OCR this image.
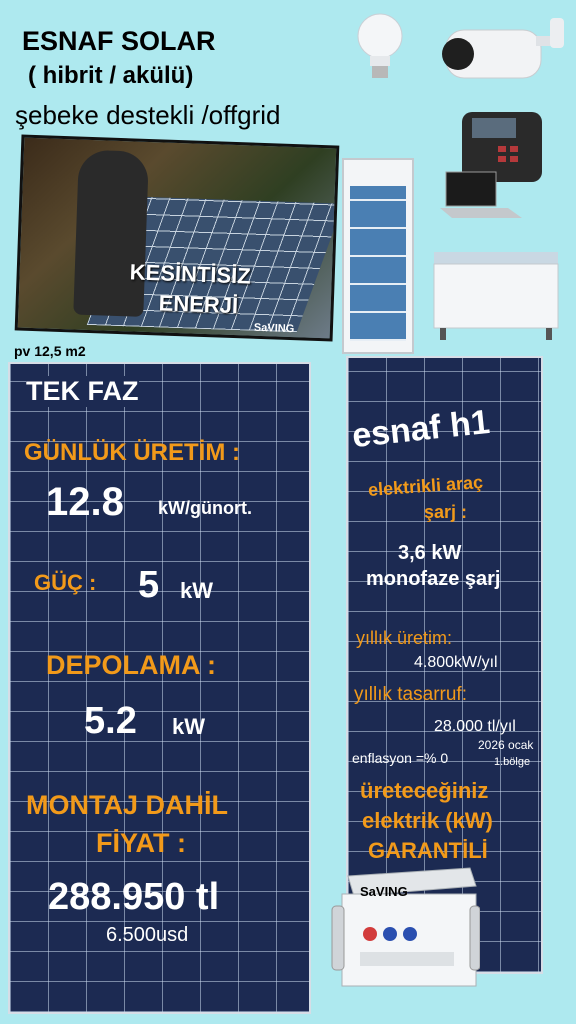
ESNAF SOLAR
( hibrit / akülü)
şebeke destekli /offgrid
KESİNTİSİZ
ENERJİ
SaVING
pv 12,5 m2
TEK FAZ
GÜNLÜK ÜRETİM :
12.8 kW/günort.
GÜÇ : 5 kW
DEPOLAMA :
5.2 kW
MONTAJ DAHİL
FİYAT :
288.950 tl
6.500usd
esnaf h1
elektrikli araç
şarj :
3,6 kW
monofaze şarj
yıllık üretim:
4.800kW/yıl
yıllık tasarruf:
28.000 tl/yıl
2026 ocak
enflasyon =% 0	1.bölge
üreteceğiniz
elektrik (kW)
GARANTİLİ
SaVING
